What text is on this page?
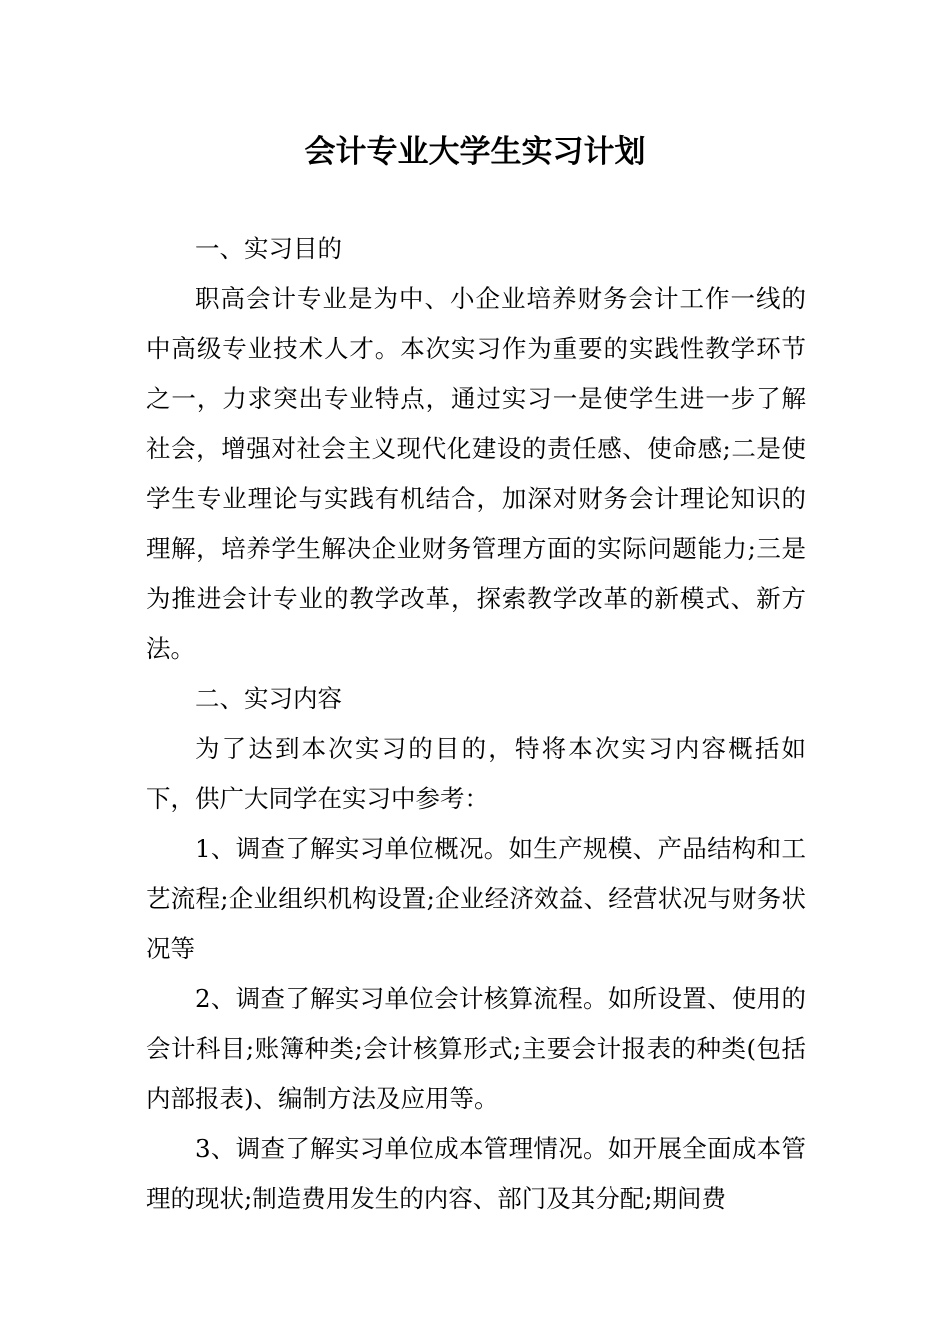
会计专业大学生实习计划

一、实习目的

职高会计专业是为中、小企业培养财务会计工作一线的中高级专业技术人才。本次实习作为重要的实践性教学环节之一，力求突出专业特点，通过实习一是使学生进一步了解社会，增强对社会主义现代化建设的责任感、使命感;二是使学生专业理论与实践有机结合，加深对财务会计理论知识的理解，培养学生解决企业财务管理方面的实际问题能力;三是为推进会计专业的教学改革，探索教学改革的新模式、新方法。

二、实习内容

为了达到本次实习的目的，特将本次实习内容概括如下，供广大同学在实习中参考：

1、调查了解实习单位概况。如生产规模、产品结构和工艺流程;企业组织机构设置;企业经济效益、经营状况与财务状况等

2、调查了解实习单位会计核算流程。如所设置、使用的会计科目;账簿种类;会计核算形式;主要会计报表的种类(包括内部报表)、编制方法及应用等。

3、调查了解实习单位成本管理情况。如开展全面成本管理的现状;制造费用发生的内容、部门及其分配;期间费
